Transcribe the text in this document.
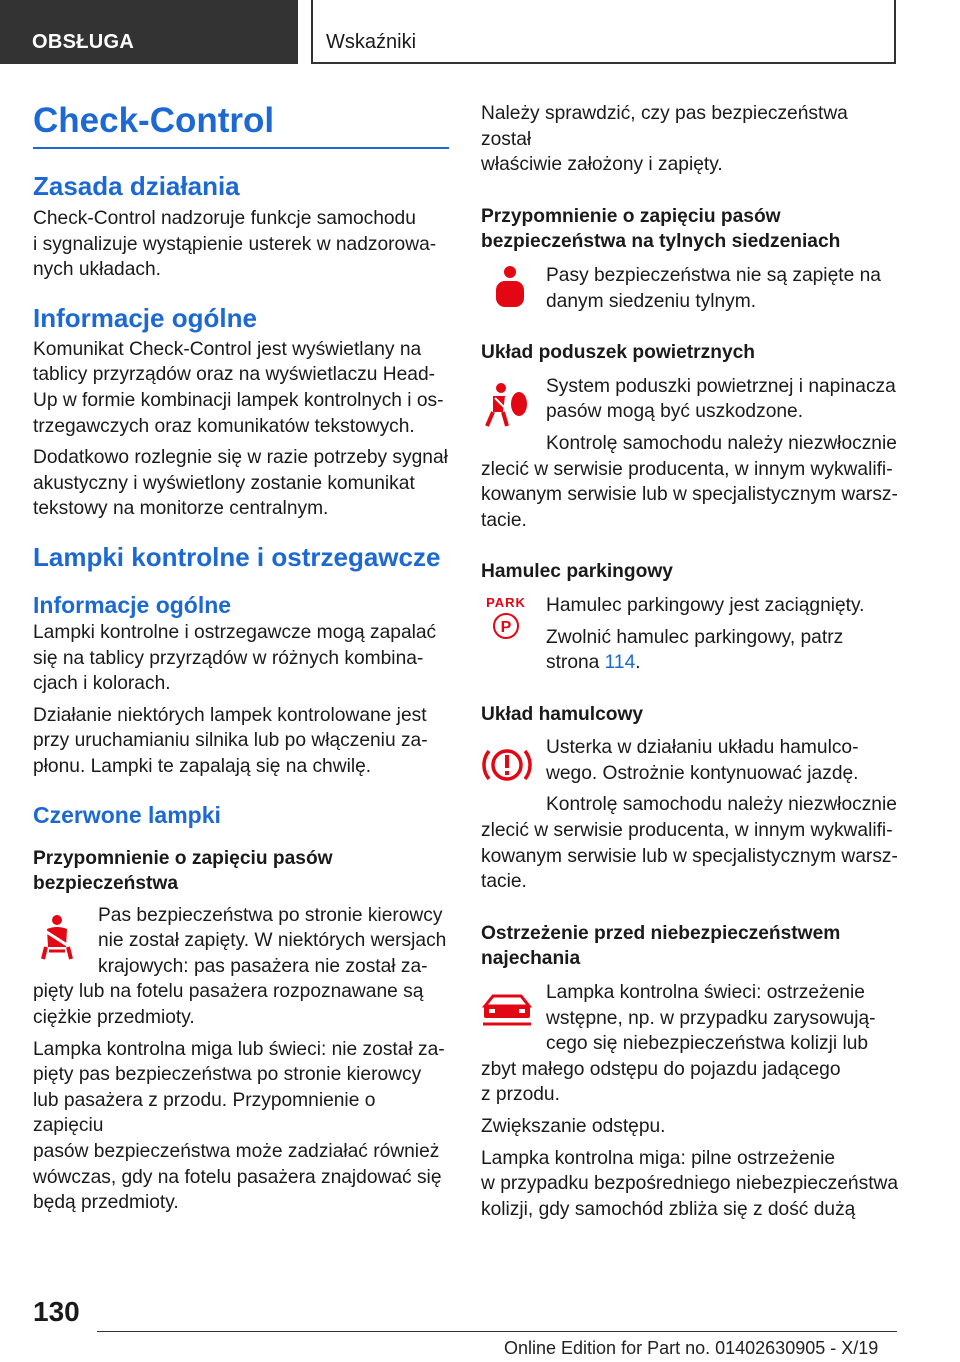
OBSŁUGA	Wskaźniki
Check-Control
Zasada działania

Check-Control nadzoruje funkcje samochodu

i sygnalizuje wystąpienie usterek w nadzorowa‐

nych układach.

Informacje ogólne

Komunikat Check-Control jest wyświetlany na

tablicy przyrządów oraz na wyświetlaczu Head-

Up w formie kombinacji lampek kontrolnych i os‐

trzegawczych oraz komunikatów tekstowych.

Dodatkowo rozlegnie się w razie potrzeby sygnał

akustyczny i wyświetlony zostanie komunikat

tekstowy na monitorze centralnym.

Lampki kontrolne i ostrzegawcze
Informacje ogólne

Lampki kontrolne i ostrzegawcze mogą zapalać

się na tablicy przyrządów w różnych kombina‐

cjach i kolorach.

Działanie niektórych lampek kontrolowane jest

przy uruchamianiu silnika lub po włączeniu za‐

płonu. Lampki te zapalają się na chwilę.

Czerwone lampki

Przypomnienie o zapięciu pasów

bezpieczeństwa

Pas bezpieczeństwa po stronie kierowcy

nie został zapięty. W niektórych wersjach

krajowych: pas pasażera nie został za‐

pięty lub na fotelu pasażera rozpoznawane są

ciężkie przedmioty.

Lampka kontrolna miga lub świeci: nie został za‐

pięty pas bezpieczeństwa po stronie kierowcy

lub pasażera z przodu. Przypomnienie o zapięciu

pasów bezpieczeństwa może zadziałać również

wówczas, gdy na fotelu pasażera znajdować się

będą przedmioty.

Należy sprawdzić, czy pas bezpieczeństwa został

właściwie założony i zapięty.

Przypomnienie o zapięciu pasów

bezpieczeństwa na tylnych siedzeniach

Pasy bezpieczeństwa nie są zapięte na

danym siedzeniu tylnym.

Układ poduszek powietrznych

System poduszki powietrznej i napinacza

pasów mogą być uszkodzone.

Kontrolę samochodu należy niezwłocznie

zlecić w serwisie producenta, w innym wykwalifi‐

kowanym serwisie lub w specjalistycznym warsz‐

tacie.

Hamulec parkingowy

PARK
P

Hamulec parkingowy jest zaciągnięty.

Zwolnić hamulec parkingowy, patrz

strona 114.

Układ hamulcowy

Usterka w działaniu układu hamulco‐

wego. Ostrożnie kontynuować jazdę.

Kontrolę samochodu należy niezwłocznie

zlecić w serwisie producenta, w innym wykwalifi‐

kowanym serwisie lub w specjalistycznym warsz‐

tacie.

Ostrzeżenie przed niebezpieczeństwem

najechania

Lampka kontrolna świeci: ostrzeżenie

wstępne, np. w przypadku zarysowują‐

cego się niebezpieczeństwa kolizji lub

zbyt małego odstępu do pojazdu jadącego

z przodu.

Zwiększanie odstępu.

Lampka kontrolna miga: pilne ostrzeżenie

w przypadku bezpośredniego niebezpieczeństwa

kolizji, gdy samochód zbliża się z dość dużą

130
Online Edition for Part no. 01402630905 - X/19
